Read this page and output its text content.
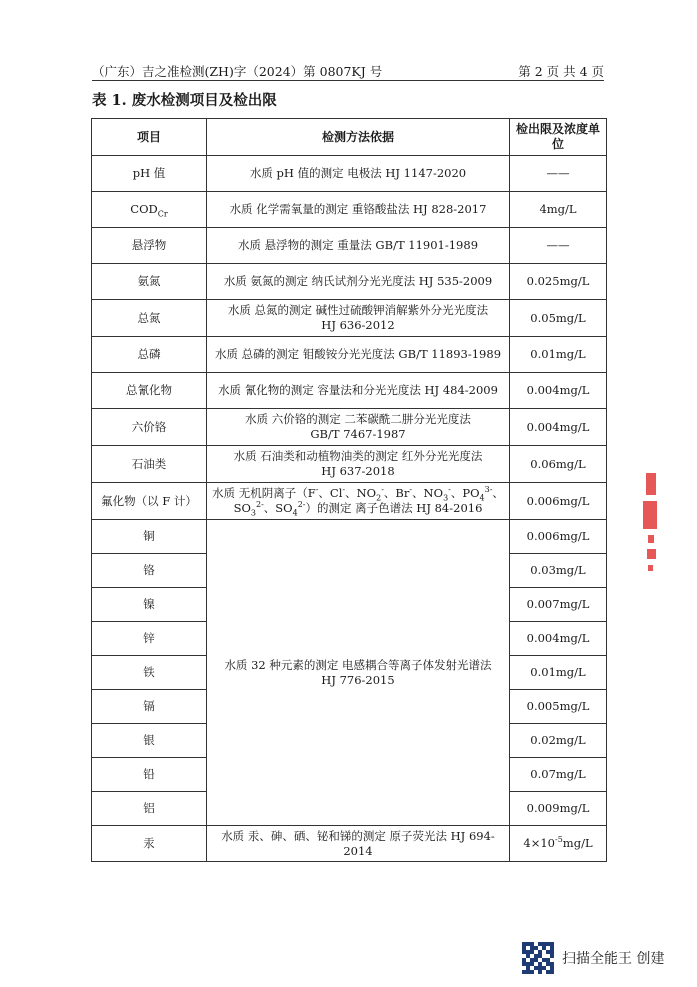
（广东）吉之准检测(ZH)字（2024）第 0807KJ 号	第 2 页 共 4 页
表 1. 废水检测项目及检出限
项目	检测方法依据	检出限及浓度单位
pH 值	水质 pH 值的测定 电极法 HJ 1147-2020	——
$COD_{Cr}$	水质 化学需氧量的测定 重铬酸盐法 HJ 828-2017	4mg/L
悬浮物	水质 悬浮物的测定 重量法 GB/T 11901-1989	——
氨氮	水质 氨氮的测定 纳氏试剂分光光度法 HJ 535-2009	0.025mg/L
总氮	水质 总氮的测定 碱性过硫酸钾消解紫外分光光度法
HJ 636-2012	0.05mg/L
总磷	水质 总磷的测定 钼酸铵分光光度法 GB/T 11893-1989	0.01mg/L
总氰化物	水质 氰化物的测定 容量法和分光光度法 HJ 484-2009	0.004mg/L
六价铬	水质 六价铬的测定 二苯碳酰二肼分光光度法
GB/T 7467-1987	0.004mg/L
石油类	水质 石油类和动植物油类的测定 红外分光光度法
HJ 637-2018	0.06mg/L
氟化物（以 F 计）	水质 无机阴离子（F-、Cl-、$NO_2^-$、Br-、$NO_3^-$、$PO_4^{3-}$、
$SO_3^{2-}$、$SO_4^{2-}$）的测定 离子色谱法 HJ 84-2016	0.006mg/L
铜	水质 32 种元素的测定 电感耦合等离子体发射光谱法
HJ 776-2015	0.006mg/L
铬		0.03mg/L
镍		0.007mg/L
锌		0.004mg/L
铁		0.01mg/L
镉		0.005mg/L
银		0.02mg/L
铅		0.07mg/L
铝		0.009mg/L
汞	水质 汞、砷、硒、铋和锑的测定 原子荧光法 HJ 694-2014	$4\times 10^{-5}mg/L$
扫描全能王 创建
